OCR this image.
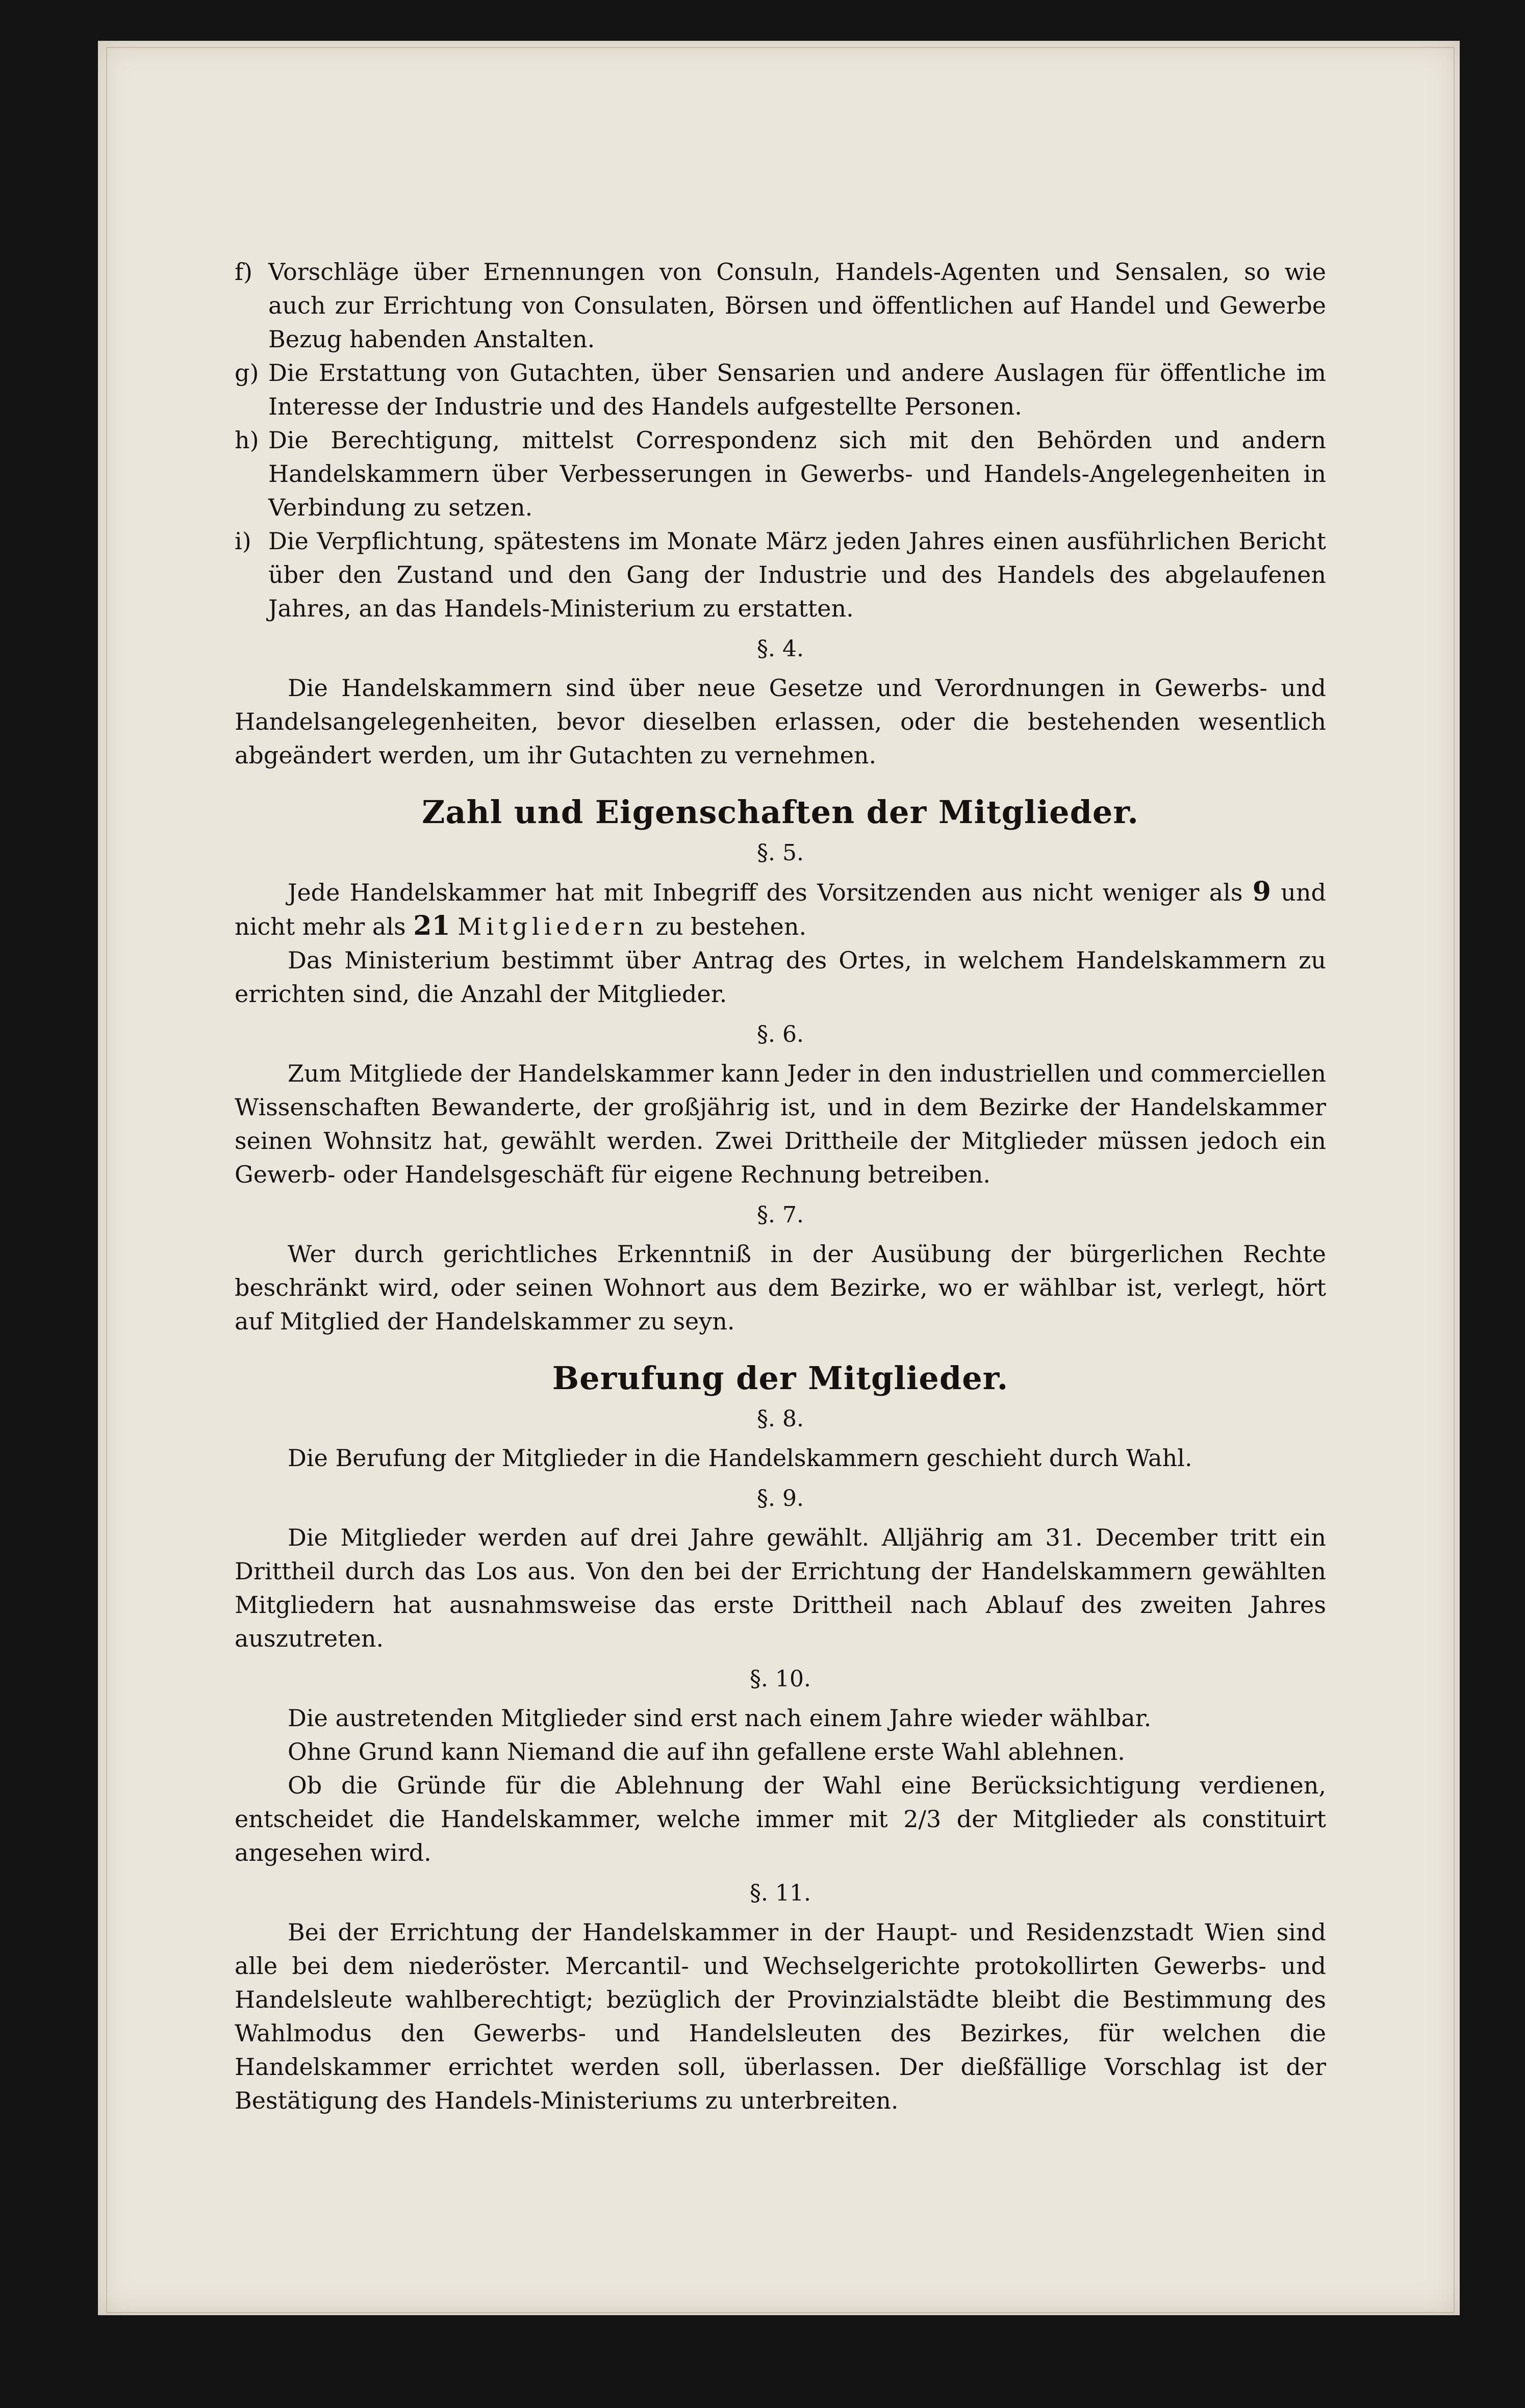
f) Vorschläge über Ernennungen von Consuln, Handels-Agenten und Sensalen, so wie auch zur Errichtung von Consulaten, Börsen und öffentlichen auf Handel und Gewerbe Bezug habenden Anstalten.

g) Die Erstattung von Gutachten, über Sensarien und andere Auslagen für öffentliche im Interesse der Industrie und des Handels aufgestellte Personen.

h) Die Berechtigung, mittelst Correspondenz sich mit den Behörden und andern Handelskammern über Verbesserungen in Gewerbs- und Handels-Angelegenheiten in Verbindung zu setzen.

i) Die Verpflichtung, spätestens im Monate März jeden Jahres einen ausführlichen Bericht über den Zustand und den Gang der Industrie und des Handels des abgelaufenen Jahres, an das Handels-Ministerium zu erstatten.

§. 4.

Die Handelskammern sind über neue Gesetze und Verordnungen in Gewerbs- und Handelsangelegenheiten, bevor dieselben erlassen, oder die bestehenden wesentlich abgeändert werden, um ihr Gutachten zu vernehmen.

Zahl und Eigenschaften der Mitglieder.
§. 5.

Jede Handelskammer hat mit Inbegriff des Vorsitzenden aus nicht weniger als 9 und nicht mehr als 21 Mitgliedern zu bestehen.

Das Ministerium bestimmt über Antrag des Ortes, in welchem Handelskammern zu errichten sind, die Anzahl der Mitglieder.

§. 6.

Zum Mitgliede der Handelskammer kann Jeder in den industriellen und commerciellen Wissenschaften Bewanderte, der großjährig ist, und in dem Bezirke der Handelskammer seinen Wohnsitz hat, gewählt werden. Zwei Drittheile der Mitglieder müssen jedoch ein Gewerb- oder Handelsgeschäft für eigene Rechnung betreiben.

§. 7.

Wer durch gerichtliches Erkenntniß in der Ausübung der bürgerlichen Rechte beschränkt wird, oder seinen Wohnort aus dem Bezirke, wo er wählbar ist, verlegt, hört auf Mitglied der Handelskammer zu seyn.

Berufung der Mitglieder.
§. 8.

Die Berufung der Mitglieder in die Handelskammern geschieht durch Wahl.

§. 9.

Die Mitglieder werden auf drei Jahre gewählt. Alljährig am 31. December tritt ein Drittheil durch das Los aus. Von den bei der Errichtung der Handelskammern gewählten Mitgliedern hat ausnahmsweise das erste Drittheil nach Ablauf des zweiten Jahres auszutreten.

§. 10.

Die austretenden Mitglieder sind erst nach einem Jahre wieder wählbar.

Ohne Grund kann Niemand die auf ihn gefallene erste Wahl ablehnen.

Ob die Gründe für die Ablehnung der Wahl eine Berücksichtigung verdienen, entscheidet die Handelskammer, welche immer mit 2/3 der Mitglieder als constituirt angesehen wird.

§. 11.

Bei der Errichtung der Handelskammer in der Haupt- und Residenzstadt Wien sind alle bei dem niederöster. Mercantil- und Wechselgerichte protokollirten Gewerbs- und Handelsleute wahlberechtigt; bezüglich der Provinzialstädte bleibt die Bestimmung des Wahlmodus den Gewerbs- und Handelsleuten des Bezirkes, für welchen die Handelskammer errichtet werden soll, überlassen. Der dießfällige Vorschlag ist der Bestätigung des Handels-Ministeriums zu unterbreiten.
